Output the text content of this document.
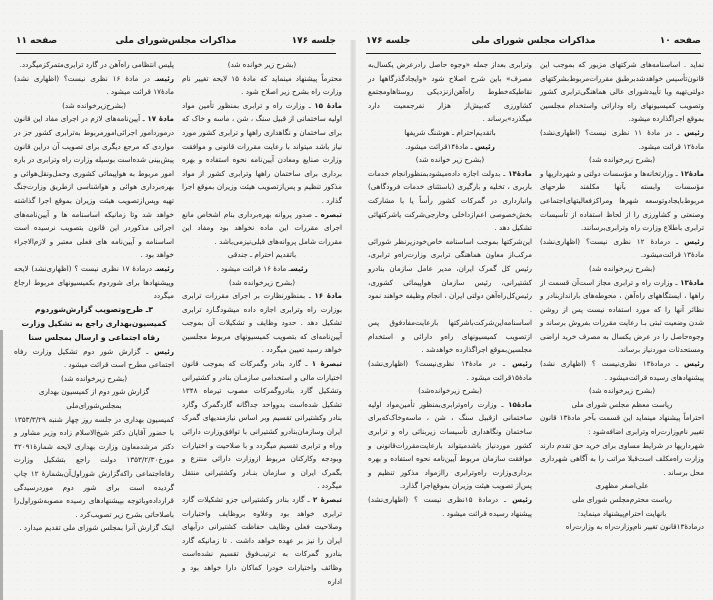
جلسه ۱۷۶
مذاکرات مجلس‌شورای ملی
صفحه ۱۱
(بشرح زیر خوانده شد)
محترماً پیشنهاد مینماید که مادهٔ ۱۵ لایحه تغییر نام وزارت راه بشرح زیر اصلاح شود .
مادهٔ ۱۵ ـ وزارت راه و ترابری بمنظور تأمین مواد اولیه ساختمانی از قبیل سنگ ، شن ، ماسه و خاک که برای ساختمان و نگاهداری راهها و ترابری کشور مورد نیاز باشد میتواند با رعایت مقررات قانونی و موافقت وزارت صنایع ومعادن آیین‌نامه نحوه استفاده و بهره برداری برای ساختمان راهها وترابری کشور از مواد مذکور تنظیم و پس‌ازتصویب هیئت وزیران بموقع اجرا گذارد .
تبصره ـ صدور پروانه بهره‌برداری بنام اشخاص مانع اجرای مقررات این ماده نخواهد بود ومفاد این مقررات شامل پروانه‌های قبلی‌نیزمی‌باشد .
باتقدیم احترام ـ جندقی
رئیسـ مادهٔ ۱۶ قرائت میشود .
(بشرح زیرخوانده شد)
مادهٔ ۱۶ ـ بمنظورنظارت بر اجرای مقررات ترابری بوزارت راه وترابری اجازه داده میشودگـارد ترابری تشکیل دهد . حدود وظایف و تشکیلات آن بموجب آیین‌نامه‌ای که بتصویب کمیسیونهای مربوط مجلسین خواهد رسید تعیین میگردد .
تبصرهٔ ۱ ـ گارد بنادر وگمرکات که بموجب قانون اختیارات مالی و استخدامی سازمـان بنادر و کشتیرانی وتشکیل گارد بنادروگمرکات مصوب تیرماه ۱۳۴۸ تشکیل شده‌است بدوواحد جداگانه گاردگمرک وگارد بنادر وکشتیرانی تقسیم وبر اساس نیازمندیهای گمرک ایران وسازمان‌بنادرو کشتیرانی با توافق‌وزارت دارائی وراه و ترابری تقسیم میگردد و با صلاحیت و اختیارات وبودجه وکارکنان مربوط ازوزارت دارائی منتزع و بگمرک ایران و سازمان بنـادر وکشتیرانی منتقل میگردد .
تبصرهٔ ۲ ـ گارد بنادر وکشتیرانی جزو تشکیلات گارد ترابری خواهد بود وعلاوه بروظایف واختیارات وصلاحیت فعلی وظایف حفاظت کشتیرانی درآبهای ایران را نیز بر عهده خواهد داشت . تا زمانیکه گارد بنادرو گمرکات به ترتیب‌فوق تقسیم نشده‌است وظائف واختیارات خودرا کماکان دارا خواهد بود و اداره
پلیس انتظامی راه‌آهن در گارد ترابری‌متمرکزمیگردد.
رئیسـ در مادهٔ ۱۶ نظری نیست؟ (اظهاری نشد) مادهٔ۱۷ قرائت میشود .
(بشرح‌زیرخوانده شد)
مادهٔ ۱۷ ـ آیین‌نامه‌های لازم در اجرای مفاد این قانون درموردامور اجرائی‌امورمربوط به‌ترابری کشور جز در مواردی که مرجع دیگری برای تصویب آن دراین قانون پیش‌بینی شده‌است بوسیله وزارت راه وترابری در باره امور مربوط به هواپیمائی کشوری وحمل‌ونقل‌هوائی و بهره‌برداری هوائی و هواشناسی ازطریق وزارت‌جنگ تهیه وپس‌ازتصویب هیئت وزیران بموقع اجرا گذاشته خواهد شد وتا زمانیکه اساسنامه ها و آیین‌نامه‌های اجرائی مذکوردر این قانون بتصویب نرسیده است اساسنامه و آیین‌نامه های فعلی معتبر و لازم‌الاجراء خواهد بود .
رئیسـ درمادهٔ ۱۷ نظری نیست ؟ (اظهاری‌نشد) لایحه وپیشنهادها برای شوردوم بکمیسیونهای مربوط ارجاع میگردد
۳ـ طرح‌وتصویب گزارش‌شوردوم کمیسیون‌بهداری راجع به تشکیل وزارت رفاه اجتماعی و ارسال بمجلس سنا
رئیس ـ گزارش شور دوم تشکیل وزارت رفاه اجتماعی مطرح است قرائت میشود .
(بشرح زیرخوانده شد)
گزارش شور دوم از کمیسیون بهداری
بمجلس‌شورای‌ملی
کمیسیون بهداری در جلسه روز چهار شنبه ۱۳۵۳/۳/۲۹ با حضور آقایان دکتر شیخ‌الاسلام زاده وزیر مشاور و دکتر مرشدمعاون وزارت بهداری لایحه شمارهٔ۴۲۰۹۱ مورخ۱۳۵۳/۲/۳۰ دولت راجع بتشکیل وزارت رفاه‌اجتماعی راکه‌گزارش شوراول‌آن‌بشمارهٔ ۱۲ چاپ گردیده است برای شور دوم موردرسیدگی قرارداده‌وباتوجه بپیشنهادهای رسیده مصوبه‌شوراول‌را باصلاحاتی بشرح زیر تصویب‌کرد .
اینک گزارش آنرا بمجلس شورای ملی تقدیم میدارد .
جلسه ۱۷۶	مذاکرات مجلس شورای ملی	صفحه ۱۰
نماید . اساسنامه‌های شرکتهای مزبور که بموجب این قانون‌تأسیس خواهدشدبرطبق مقررات‌مربوط‌بشرکتهای دولتی‌تهیه وبا تأییدشورای عالی هماهنگی‌ترابری کشور وتصویب کمیسیونهای راه وداراتی واستخدام مجلسین بموقع اجراگذارده میشود.
رئیس ـ در مادهٔ ۱۱ نظری نیست؟ (اظهاری‌نشد) مادهٔ۱۲ قرائت میشود.
(بشرح زیرخوانده شد)
مادهٔ۱۲ ـ وزارتخانه‌ها و مؤسسات دولتی و شهرداریها و مؤسسات وابسته بآنها مکلفند طرحهای مربوط‌بایجادوتوسعه شهرها ومراکزفعالیتهای‌اجتماعی وصنعتی و کشاورزی را از لحاظ استفاده از تأسیسات ترابری باطلاع وزارت راه وترابری‌برسانند.
رئیس ـ درمادهٔ ۱۲ نظری نیست؟ (اظهاری‌نشد) مادهٔ۱۳ قرائت‌میشود.
(بشرح زیرخوانده شد)
مادهٔ۱۳ ـ وزارت راه و ترابری مجاز است‌آن قسمت از راهها ، ایستگاههای راه‌آهن ، محوطه‌های باراندازبنادر و نظائر آنها را که مورد استفاده نیست پس از روشن شدن وضعیت ثبتی بـا رعایت مقررات بفروش برساند و وجوه‌حاصل را در عرض یکسال به مصرف خرید اراضی ومستحدثات موردنیاز برساند.
رئیس ـ درمادهٔ۱۳ نظری‌نیست ؟ (اظهاری نشد) پیشنهادهای رسیده قرائت‌میشود .
(بشرح زیرخوانده شد)
ریاست معظم مجلس شورای ملی
احتراماً پیشنهاد مینماید این قسمت بآخر مادهٔ۱۳ قانون تغییر نام‌وزارت‌راه وترابری اضافه‌شود :
شهرداریها در شرایط مساوی برای خرید حق تقدم دارند وزارت راه‌مکلف است‌قبلا مراتب را به آگاهی شهرداری محل برساند .
علی‌اصغر مظهری
ریاست محترم‌مجلس شورای ملی
بانهایت احترام‌پیشنهاد مینماید:
درمادهٔ۱۳قانون تغییر نام‌وزارت‌راه به وزارت‌راه
وترابری بعداز جمله «وجوه حاصل رادرعرض یکسال‌به مصرف» باین شرح اصلاح شود «وایجادگذرگاهها در نقاطیکه‌خطوط راه‌آهن‌ازنزدیکی روستاهاومجتمع کشاورزی که‌بیش‌از هزار نفرجمعیت دارد میگذرد»برساند .
باتقدیم‌احترام ـ هوشنگ شریفها
رئیس ـ مادهٔ۱۴قرائت میشود.
(بشرح زیر خوانده شد)
مادهٔ۱۴ ـ بدولت اجازه داده‌میشودبمنظورانجام خدمات باربری ، تخلیه و بارگیری (باستثنای خدمات فرودگاهی) وانبارداری در گمرکات کشور رأساً یا با مشارکت بخش‌خصوصی اعم‌ازداخلی وخارجی‌شرکت یاشرکتهائی تشکیل دهد .
این‌شرکتها بموجب اساسنامه خاص‌خودزیرنظر شورائی مرکب‌از معاون هماهنگی ترابری وزارت‌راه‌و ترابری، رئیس کل گمرک ایران، مدیر عامل سازمان بنادرو کشتیرانی، رئیس سازمان هواپیمائی کشوری، رئیس‌کل‌راه‌آهن دولتی ایران ، انجام وظیفه خواهند نمود .
اساسنامه‌این‌شرکت‌باشرکتها بارعایت‌مفادفوق پس ازتصویب کمیسیونهای راه‌و دارائی و استخدام مجلسین‌بموقع اجراگذارده خواهدشد .
رئیس ـ در مادهٔ۱۴ نظری‌نیست؟ (اظهاری‌نشد) مادهٔ۱۵قرائت میشود .
(بشرح زیرخوانده‌شد)
مادهٔ۱۵ ـ وزارت راه‌وترابری‌بمنظور تأمین‌مواد اولیه ساختمانی ازقبیل سنگ ، شن ، ماسه‌وخاک‌که‌برای ساختمان ونگاهداری تأسیسات زیربنائی راه و ترابری کشور موردنیاز باشدمیتواند بارعایت‌مقررات‌قانونی و موافقت سازمان مربوط آیین‌نامه نحوه استفاده و بهره برداری‌وزارت راه‌وترابری راازمواد مذکور تنظیم و پس‌از تصویب هیئت وزیران بموقع‌اجرا گذارد.
رئیس ـ درمادهٔ ۱۵نظری نیست ؟ (اظهاری‌نشد) پیشنهاد رسیده قرائت میشود .
